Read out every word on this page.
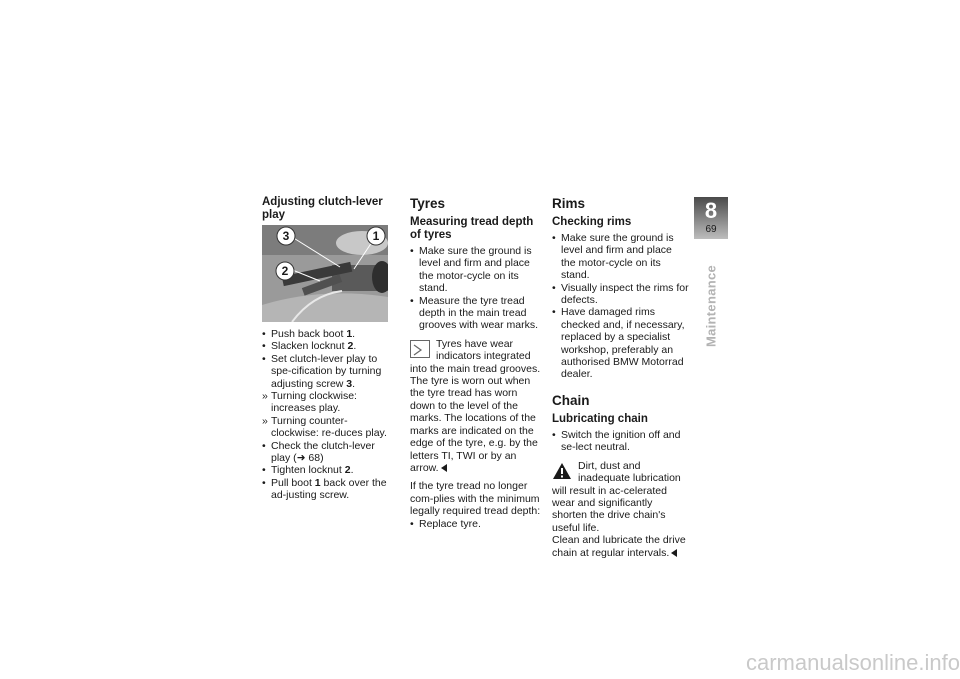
Adjusting clutch-lever play
3	1
2
• Push back boot 1.
• Slacken locknut 2.
• Set clutch-lever play to spe-cification by turning adjusting screw 3.
» Turning clockwise: increases play.
» Turning counter-clockwise: re-duces play.
• Check the clutch-lever play (➜ 68)
• Tighten locknut 2.
• Pull boot 1 back over the ad-justing screw.
Tyres
Measuring tread depth of tyres
• Make sure the ground is level and firm and place the motor-cycle on its stand.
• Measure the tyre tread depth in the main tread grooves with wear marks.
Tyres have wear indicators integrated into the main tread grooves. The tyre is worn out when the tyre tread has worn down to the level of the marks. The locations of the marks are indicated on the edge of the tyre, e.g. by the letters TI, TWI or by an arrow.

If the tyre tread no longer com-plies with the minimum legally required tread depth:

• Replace tyre.
Rims
Checking rims
• Make sure the ground is level and firm and place the motor-cycle on its stand.
• Visually inspect the rims for defects.
• Have damaged rims checked and, if necessary, replaced by a specialist workshop, preferably an authorised BMW Motorrad dealer.
Chain
Lubricating chain
• Switch the ignition off and se-lect neutral.
Dirt, dust and inadequate lubrication will result in ac-celerated wear and significantly shorten the drive chain's useful life.

Clean and lubricate the drive chain at regular intervals.

8
69
Maintenance
carmanualsonline.info
